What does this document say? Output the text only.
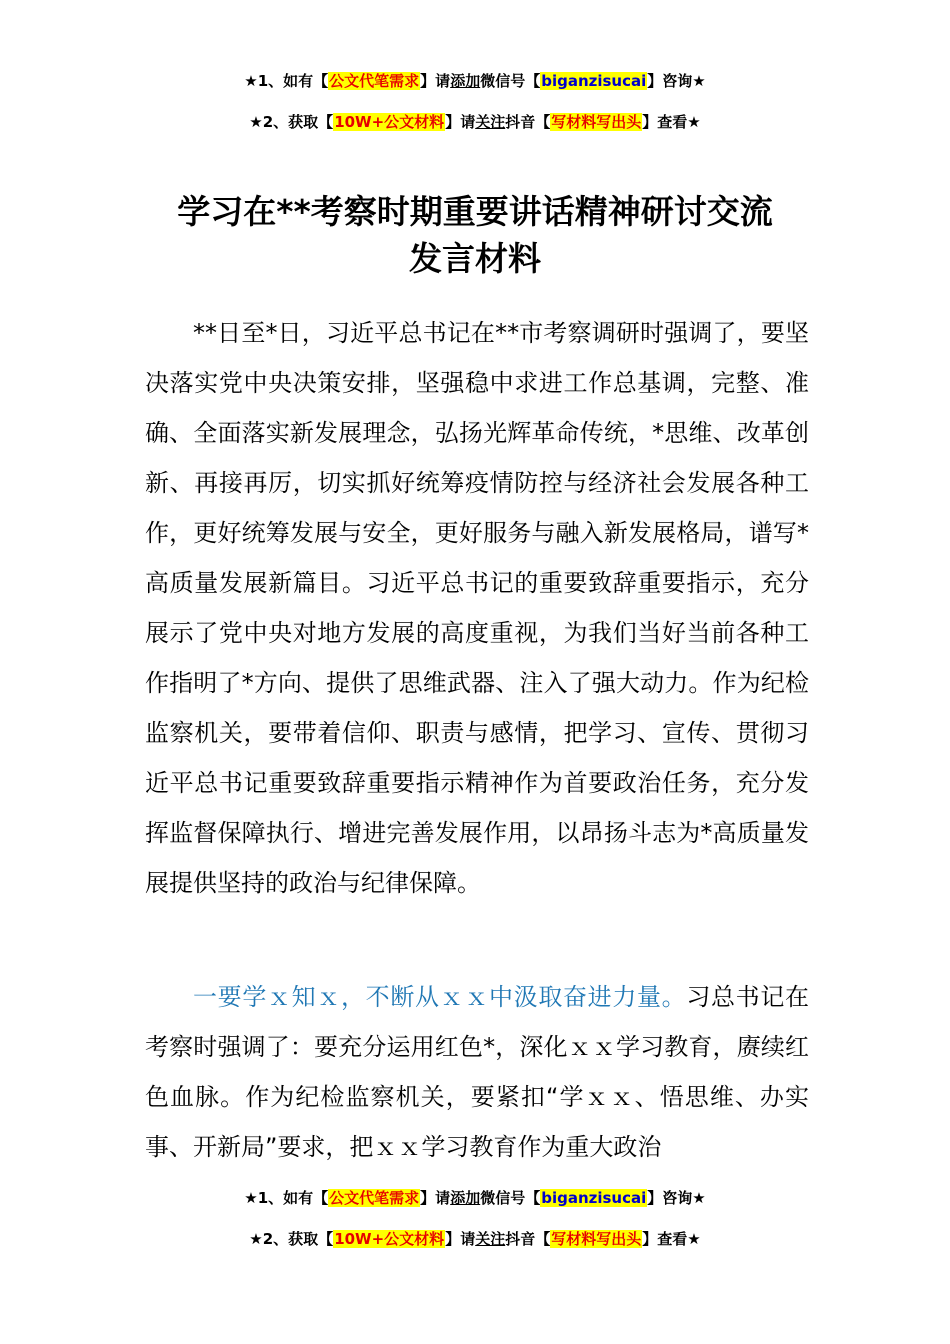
★1、如有【公文代笔需求】请添加微信号【biganzisucai】咨询★
★2、获取【10W+公文材料】请关注抖音【写材料写出头】查看★
学习在**考察时期重要讲话精神研讨交流
发言材料

**日至*日，习近平总书记在**市考察调研时强调了，要坚决落实党中央决策安排，坚强稳中求进工作总基调，完整、准确、全面落实新发展理念，弘扬光辉革命传统，*思维、改革创新、再接再厉，切实抓好统筹疫情防控与经济社会发展各种工作，更好统筹发展与安全，更好服务与融入新发展格局，谱写*高质量发展新篇目。习近平总书记的重要致辞重要指示，充分展示了党中央对地方发展的高度重视，为我们当好当前各种工作指明了*方向、提供了思维武器、注入了强大动力。作为纪检监察机关，要带着信仰、职责与感情，把学习、宣传、贯彻习近平总书记重要致辞重要指示精神作为首要政治任务，充分发挥监督保障执行、增进完善发展作用，以昂扬斗志为*高质量发展提供坚持的政治与纪律保障。

一要学ｘ知ｘ，不断从ｘｘ中汲取奋进力量。习总书记在考察时强调了：要充分运用红色*，深化ｘｘ学习教育，赓续红色血脉。作为纪检监察机关，要紧扣“学ｘｘ、悟思维、办实事、开新局”要求，把ｘｘ学习教育作为重大政治

★1、如有【公文代笔需求】请添加微信号【biganzisucai】咨询★
★2、获取【10W+公文材料】请关注抖音【写材料写出头】查看★
